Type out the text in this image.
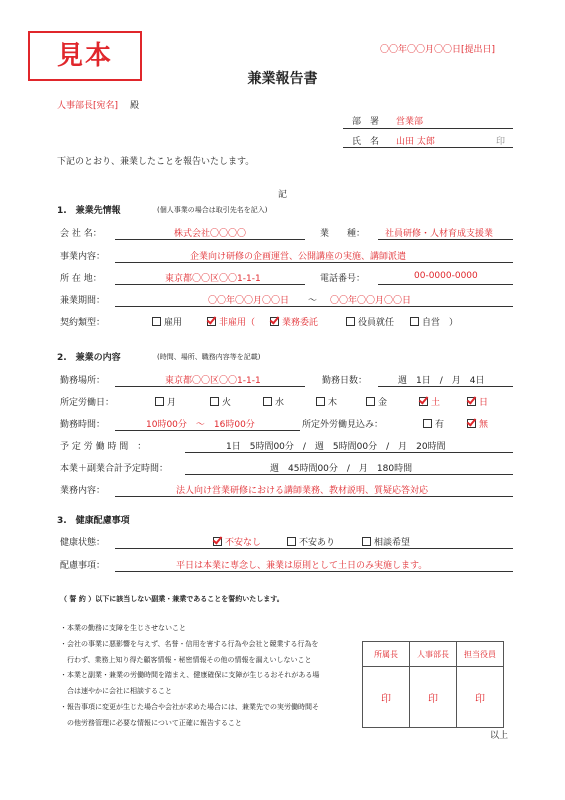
見本	〇〇年〇〇月〇〇日[提出日]
兼業報告書
人事部長[宛名] 殿
部　署 営業部
氏　名 山田 太郎	印
下記のとおり、兼業したことを報告いたします。
記
1.　兼業先情報	(個人事業の場合は取引先名を記入)
会 社 名：	株式会社〇〇〇〇	業　　種： 社員研修・人材育成支援業
事業内容：	企業向け研修の企画運営、公開講座の実施、講師派遣
所 在 地：	東京都〇〇区〇〇1-1-1	電話番号：	00-0000-0000
兼業期間：	〇〇年〇〇月〇〇日 ～ 〇〇年〇〇月〇〇日
契約類型：	雇用	非雇用（	業務委託	役員就任	自営　）
2.　兼業の内容	(時間、場所、職務内容等を記載)
勤務場所：	東京都〇〇区〇〇1-1-1	勤務日数：	週　1日　/　月　4日
所定労働日：	月	火	水	木	金	土	日
勤務時間：	10時00分　～　16時00分	所定外労働見込み：	有	無
予 定 労 働 時 間　：	1日　5時間00分　/　週　5時間00分　/　月　20時間
本業＋副業合計予定時間：	週　45時間00分　/　月　180時間
業務内容：	法人向け営業研修における講師業務、教材説明、質疑応答対応
3.　健康配慮事項
健康状態：	不安なし	不安あり	相談希望
配慮事項：	平日は本業に専念し、兼業は原則として土日のみ実施します。
（ 誓 約 ）以下に該当しない副業・兼業であることを誓約いたします。
・本業の勤務に支障を生じさせないこと
・会社の事業に悪影響を与えず、名誉・信用を害する行為や会社と競業する行為を
　行わず、業務上知り得た顧客情報・秘密情報その他の情報を漏えいしないこと
・本業と副業・兼業の労働時間を踏まえ、健康確保に支障が生じるおそれがある場
　合は速やかに会社に相談すること
・報告事項に変更が生じた場合や会社が求めた場合には、兼業先での実労働時間そ
　の他労務管理に必要な情報について正確に報告すること
所属長	人事部長	担当役員
印	印	印
以上
